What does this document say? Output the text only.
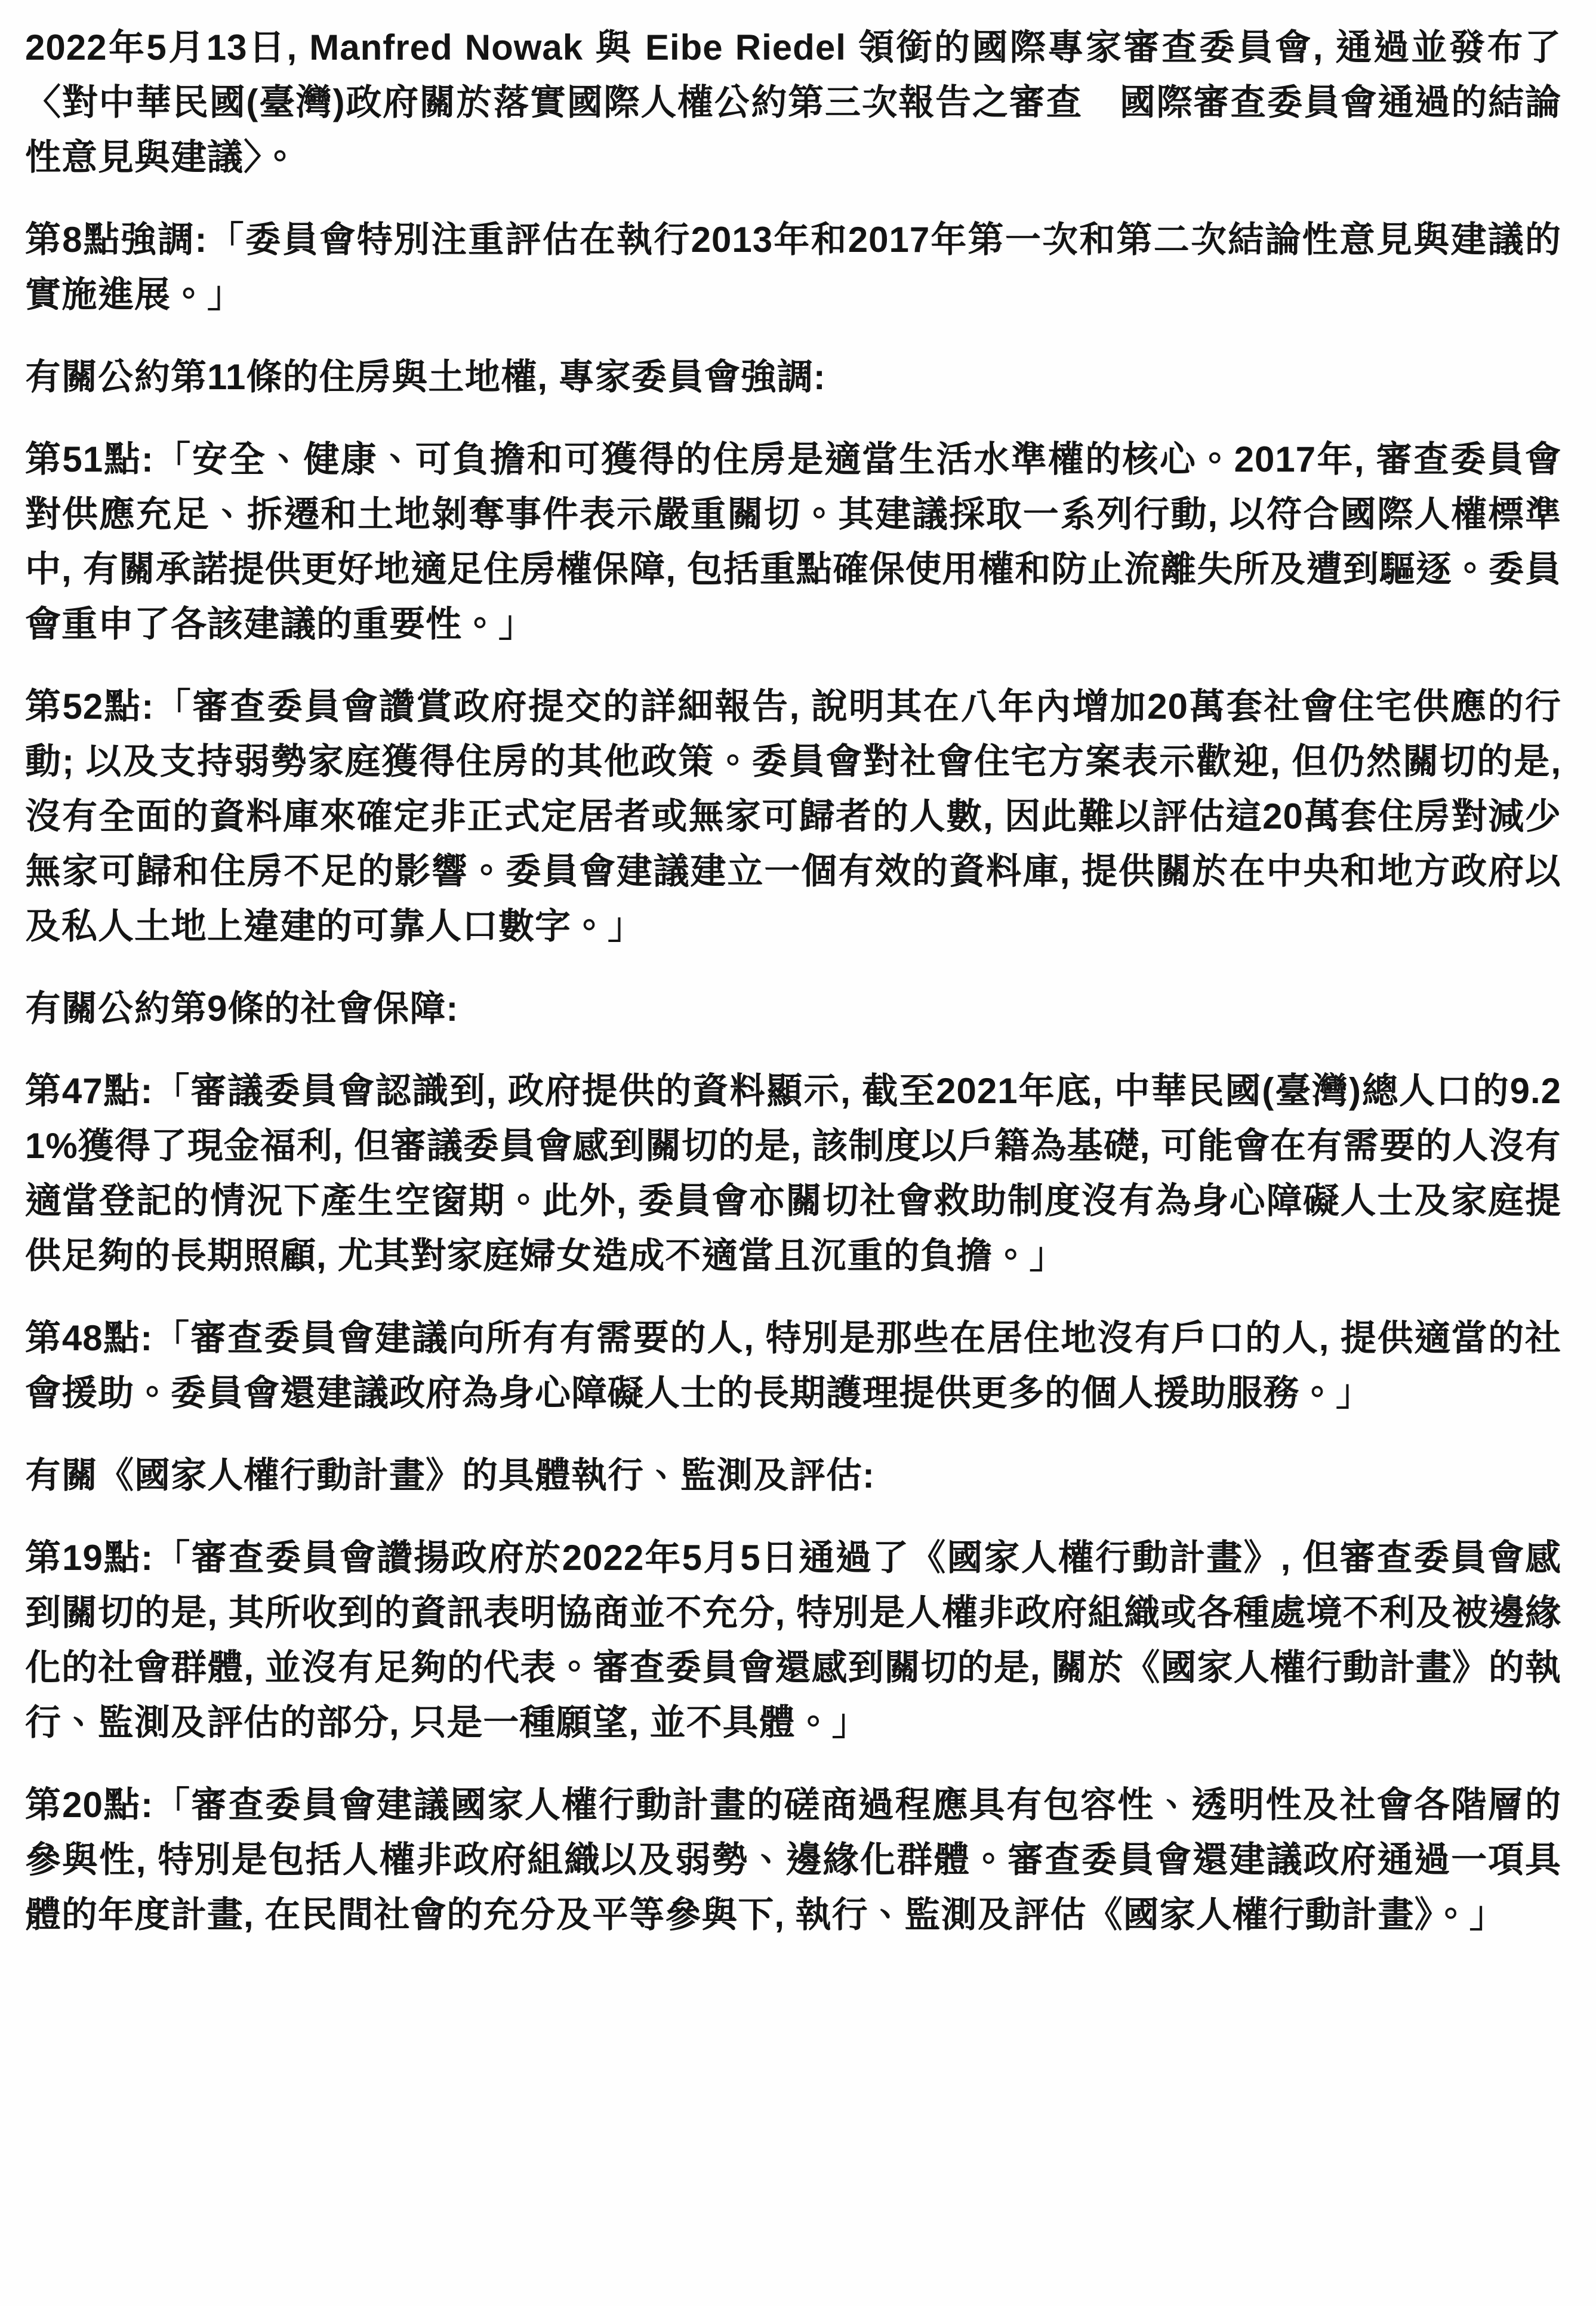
2022年5月13日, Manfred Nowak 與 Eibe Riedel 領銜的國際專家審查委員會, 通過並發布了〈對中華民國(臺灣)政府關於落實國際人權公約第三次報告之審查　國際審查委員會通過的結論性意見與建議〉。

第8點強調:「委員會特別注重評估在執行2013年和2017年第一次和第二次結論性意見與建議的實施進展。」

有關公約第11條的住房與土地權, 專家委員會強調:

第51點:「安全、健康、可負擔和可獲得的住房是適當生活水準權的核心。2017年, 審查委員會對供應充足、拆遷和土地剝奪事件表示嚴重關切。其建議採取一系列行動, 以符合國際人權標準中, 有關承諾提供更好地適足住房權保障, 包括重點確保使用權和防止流離失所及遭到驅逐。委員會重申了各該建議的重要性。」

第52點:「審查委員會讚賞政府提交的詳細報告, 說明其在八年內增加20萬套社會住宅供應的行動; 以及支持弱勢家庭獲得住房的其他政策。委員會對社會住宅方案表示歡迎, 但仍然關切的是, 沒有全面的資料庫來確定非正式定居者或無家可歸者的人數, 因此難以評估這20萬套住房對減少無家可歸和住房不足的影響。委員會建議建立一個有效的資料庫, 提供關於在中央和地方政府以及私人土地上違建的可靠人口數字。」

有關公約第9條的社會保障:

第47點:「審議委員會認識到, 政府提供的資料顯示, 截至2021年底, 中華民國(臺灣)總人口的9.21%獲得了現金福利, 但審議委員會感到關切的是, 該制度以戶籍為基礎, 可能會在有需要的人沒有適當登記的情況下產生空窗期。此外, 委員會亦關切社會救助制度沒有為身心障礙人士及家庭提供足夠的長期照顧, 尤其對家庭婦女造成不適當且沉重的負擔。」

第48點:「審查委員會建議向所有有需要的人, 特別是那些在居住地沒有戶口的人, 提供適當的社會援助。委員會還建議政府為身心障礙人士的長期護理提供更多的個人援助服務。」

有關《國家人權行動計畫》的具體執行、監測及評估:

第19點:「審查委員會讚揚政府於2022年5月5日通過了《國家人權行動計畫》, 但審查委員會感到關切的是, 其所收到的資訊表明協商並不充分, 特別是人權非政府組織或各種處境不利及被邊緣化的社會群體, 並沒有足夠的代表。審查委員會還感到關切的是, 關於《國家人權行動計畫》的執行、監測及評估的部分, 只是一種願望, 並不具體。」

第20點:「審查委員會建議國家人權行動計畫的磋商過程應具有包容性、透明性及社會各階層的參與性, 特別是包括人權非政府組織以及弱勢、邊緣化群體。審查委員會還建議政府通過一項具體的年度計畫, 在民間社會的充分及平等參與下, 執行、監測及評估《國家人權行動計畫》。」
